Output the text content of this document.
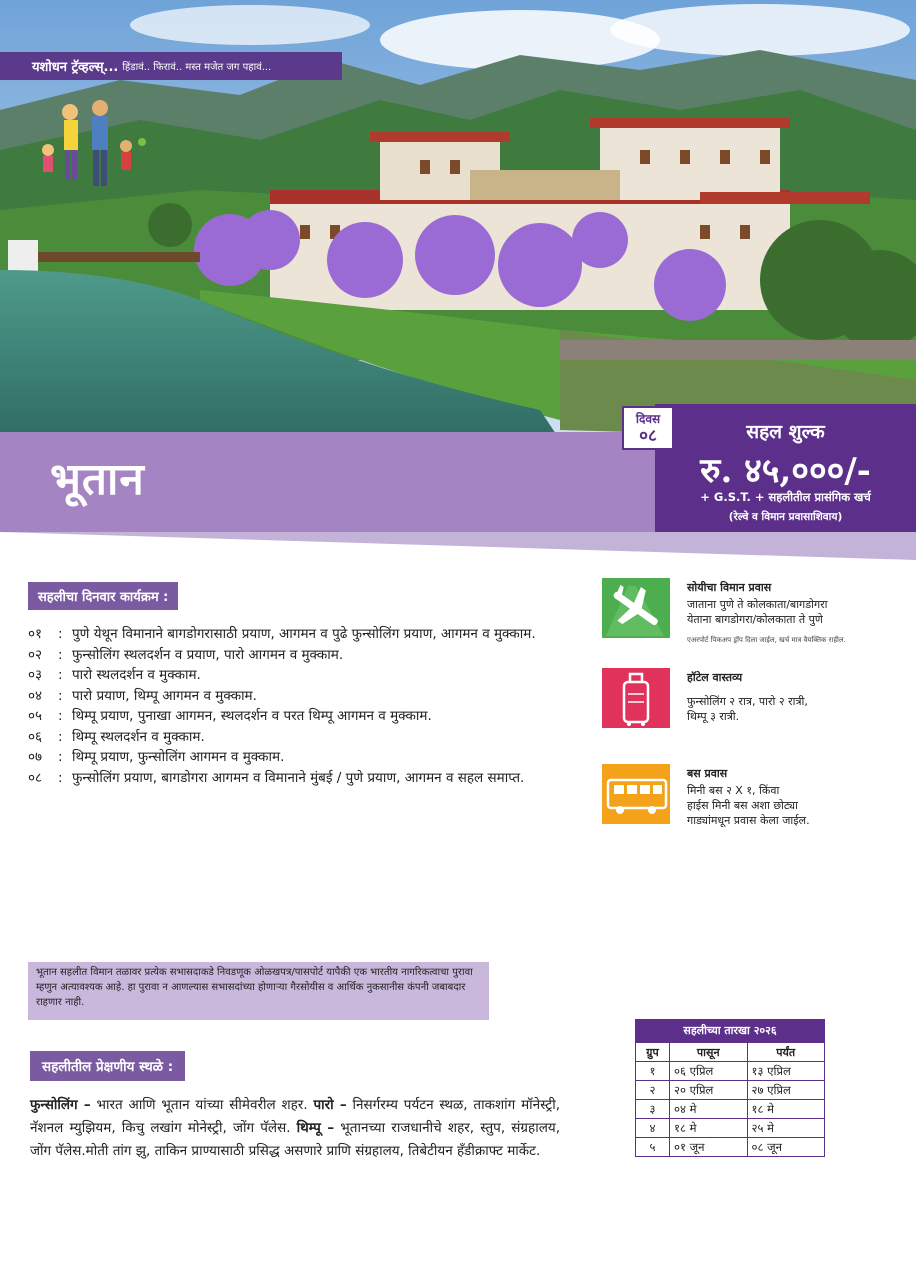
यशोधन ट्रॅव्हल्स्... हिंडावं.. फिरावं.. मस्त मजेत जग पहावं...
भूतान
सहल शुल्क
रु. ४५,०००/-
+ G.S.T. + सहलीतील प्रासंगिक खर्च
(रेल्वे व विमान प्रवासाशिवाय)
दिवस
०८
सहलीचा दिनवार कार्यक्रम :
०१	: पुणे येथून विमानाने बागडोगरासाठी प्रयाण, आगमन व पुढे फुन्सोलिंग प्रयाण, आगमन व मुक्काम.
०२	: फुन्सोलिंग स्थलदर्शन व प्रयाण, पारो आगमन व मुक्काम.
०३	: पारो स्थलदर्शन व मुक्काम.
०४	: पारो प्रयाण, थिम्पू आगमन व मुक्काम.
०५	: थिम्पू प्रयाण, पुनाखा आगमन, स्थलदर्शन व परत थिम्पू आगमन व मुक्काम.
०६	: थिम्पू स्थलदर्शन व मुक्काम.
०७	: थिम्पू प्रयाण, फुन्सोलिंग आगमन व मुक्काम.
०८	: फुन्सोलिंग प्रयाण, बागडोगरा आगमन व विमानाने मुंबई / पुणे प्रयाण, आगमन व सहल समाप्त.
सोयीचा विमान प्रवास
जाताना पुणे ते कोलकाता/बागडोगरा
येताना बागडोगरा/कोलकाता ते पुणे
एअरपोर्ट पिकअप ड्रॉप दिला जाईल, खर्च मात्र वैयक्तिक राहील.
हॉटेल वास्तव्य
फुन्सोलिंग २ रात्र, पारो २ रात्री,
थिम्पू ३ रात्री.
बस प्रवास
मिनी बस २ X १, किंवा
हाईस मिनी बस अशा छोट्या
गाड्यांमधून प्रवास केला जाईल.
भूतान सहलीत विमान तळावर प्रत्येक सभासदाकडे निवडणूक ओळखपत्र/पासपोर्ट यापैकी एक भारतीय नागरिकत्वाचा पुरावा म्हणुन अत्यावश्यक आहे. हा पुरावा न आणल्यास सभासदांच्या होणाऱ्या गैरसोयीस व आर्थिक नुकसानीस कंपनी जबाबदार राहणार नाही.
सहलीतील प्रेक्षणीय स्थळे :
फुन्सोलिंग – भारत आणि भूतान यांच्या सीमेवरील शहर. पारो – निसर्गरम्य पर्यटन स्थळ, ताकशांग मॉनेस्ट्री, नॅशनल म्युझियम, किचु लखांग मोनेस्ट्री, जोंग पॅलेस. थिम्पू – भूतानच्या राजधानीचे शहर, स्तुप, संग्रहालय, जोंग पॅलेस.मोती तांग झु, ताकिन प्राण्यासाठी प्रसिद्ध असणारे प्राणि संग्रहालय, तिबेटीयन हँडीक्राफ्ट मार्केट.
सहलीच्या तारखा २०२६
ग्रुप	पासून	पर्यंत
१	०६ एप्रिल	१३ एप्रिल
२	२० एप्रिल	२७ एप्रिल
३	०४ मे	१८ मे
४	१८ मे	२५ मे
५	०१ जून	०८ जून
